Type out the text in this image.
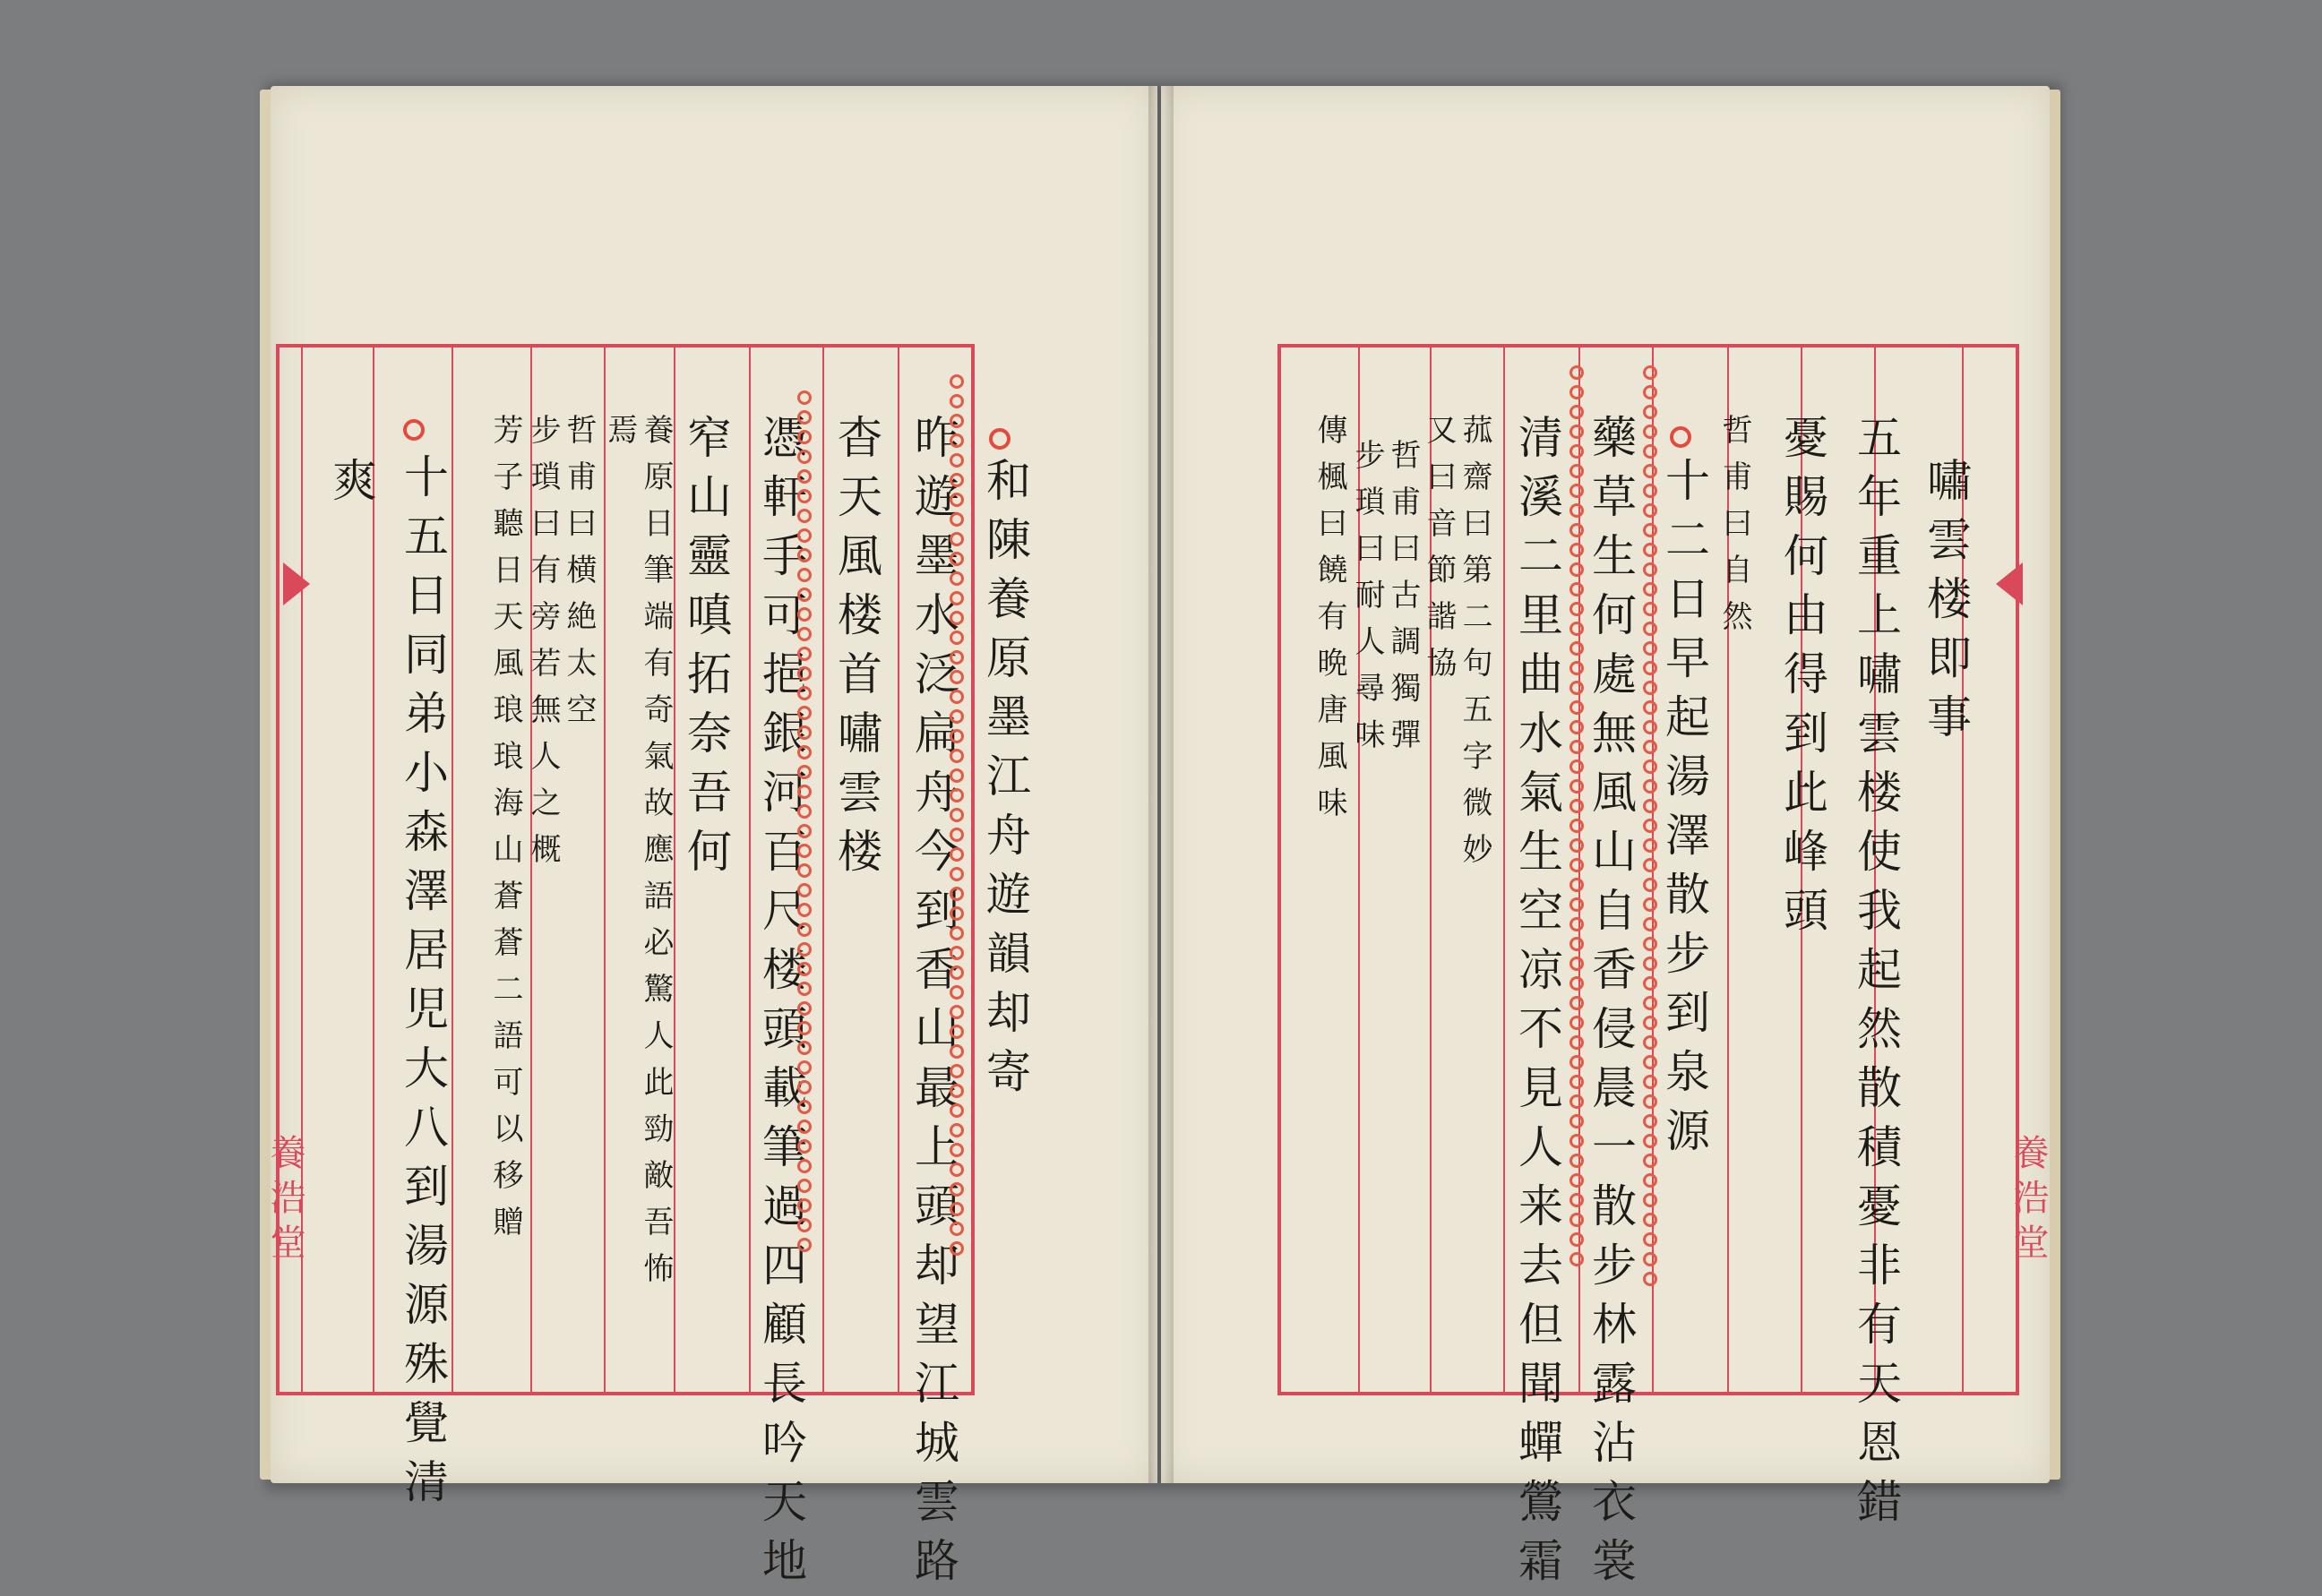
養浩堂	養浩堂
和陳養原墨江舟遊韻却寄
昨遊墨水泛扁舟今到香山最上頭却望江城雲路
杳天風楼首嘯雲楼
憑軒手可挹銀河百尺楼頭載筆過四顧長吟天地
窄山靈嗔拓奈吾何
養原日筆端有奇氣故應語必驚人此勁敵吾怖
焉
哲甫曰横絶太空
步瑣曰有旁若無人之概
芳子聽日天風琅琅海山蒼蒼二語可以移贈
十五日同弟小森澤居児大八到湯源殊覺清
爽	嘯雲楼即事
五年重上嘯雲楼使我起然散積憂非有天恩錯
憂賜何由得到此峰頭
哲甫曰自然
十二日早起湯澤散步到泉源
藥草生何處無風山自香侵晨一散步林露沾衣裳
清溪二里曲水氣生空凉不見人来去但聞蟬鶯霜
菰齋曰第二句五字微妙
又曰音節諧協
哲甫曰古調獨彈
步瑣曰耐人尋味
傳楓曰饒有晩唐風味
